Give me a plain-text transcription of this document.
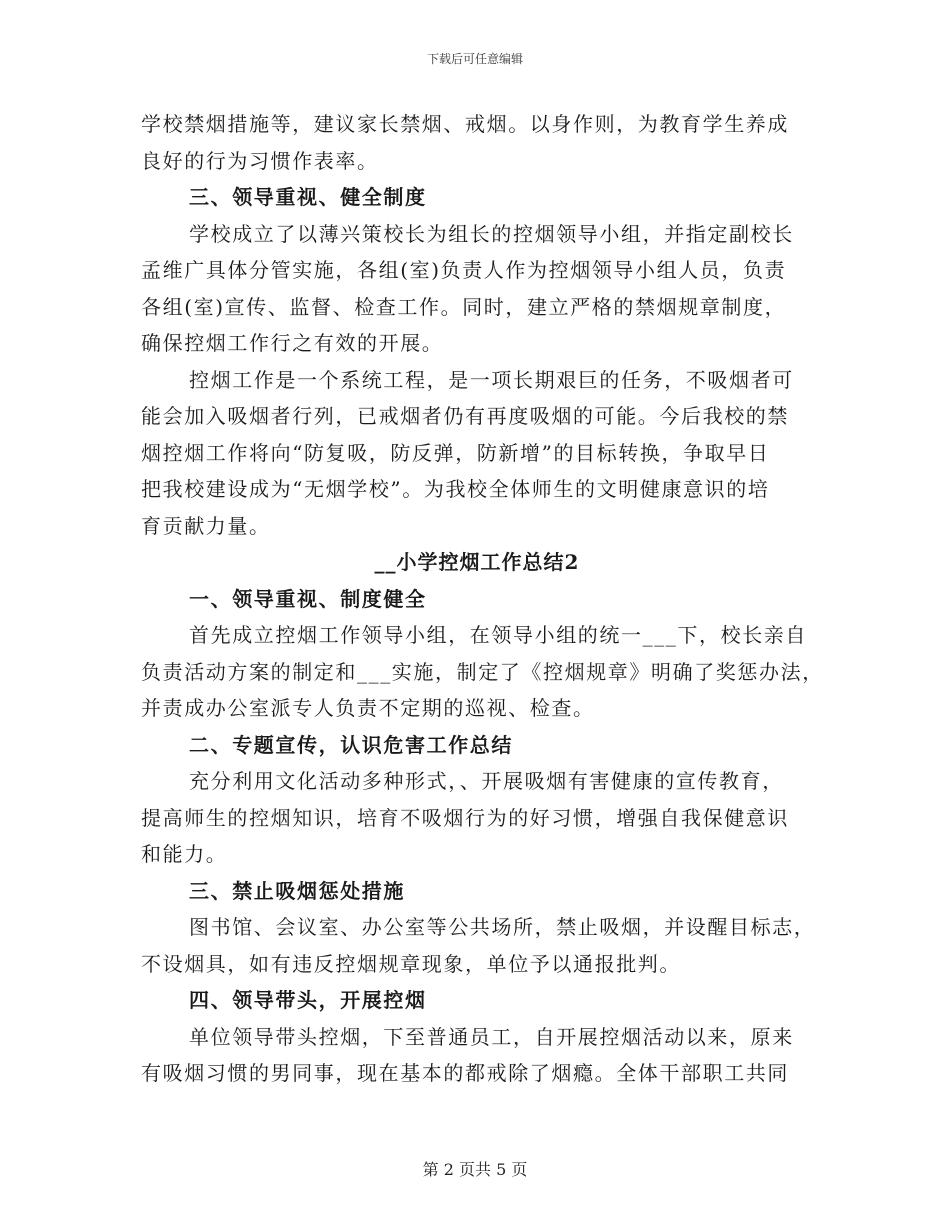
下载后可任意编辑
学校禁烟措施等，建议家长禁烟、戒烟。以身作则，为教育学生养成
良好的行为习惯作表率。
三、领导重视、健全制度
学校成立了以薄兴策校长为组长的控烟领导小组，并指定副校长
孟维广具体分管实施，各组(室)负责人作为控烟领导小组人员，负责
各组(室)宣传、监督、检查工作。同时，建立严格的禁烟规章制度，
确保控烟工作行之有效的开展。
控烟工作是一个系统工程，是一项长期艰巨的任务，不吸烟者可
能会加入吸烟者行列，已戒烟者仍有再度吸烟的可能。今后我校的禁
烟控烟工作将向“防复吸，防反弹，防新增”的目标转换，争取早日
把我校建设成为“无烟学校”。为我校全体师生的文明健康意识的培
育贡献力量。
__小学控烟工作总结2
一、领导重视、制度健全
首先成立控烟工作领导小组，在领导小组的统一___下，校长亲自
负责活动方案的制定和___实施，制定了《控烟规章》明确了奖惩办法，
并责成办公室派专人负责不定期的巡视、检查。
二、专题宣传，认识危害工作总结
充分利用文化活动多种形式，、开展吸烟有害健康的宣传教育，
提高师生的控烟知识，培育不吸烟行为的好习惯，增强自我保健意识
和能力。
三、禁止吸烟惩处措施
图书馆、会议室、办公室等公共场所，禁止吸烟，并设醒目标志，
不设烟具，如有违反控烟规章现象，单位予以通报批判。
四、领导带头，开展控烟
单位领导带头控烟，下至普通员工，自开展控烟活动以来，原来
有吸烟习惯的男同事，现在基本的都戒除了烟瘾。全体干部职工共同
第 2 页共 5 页
